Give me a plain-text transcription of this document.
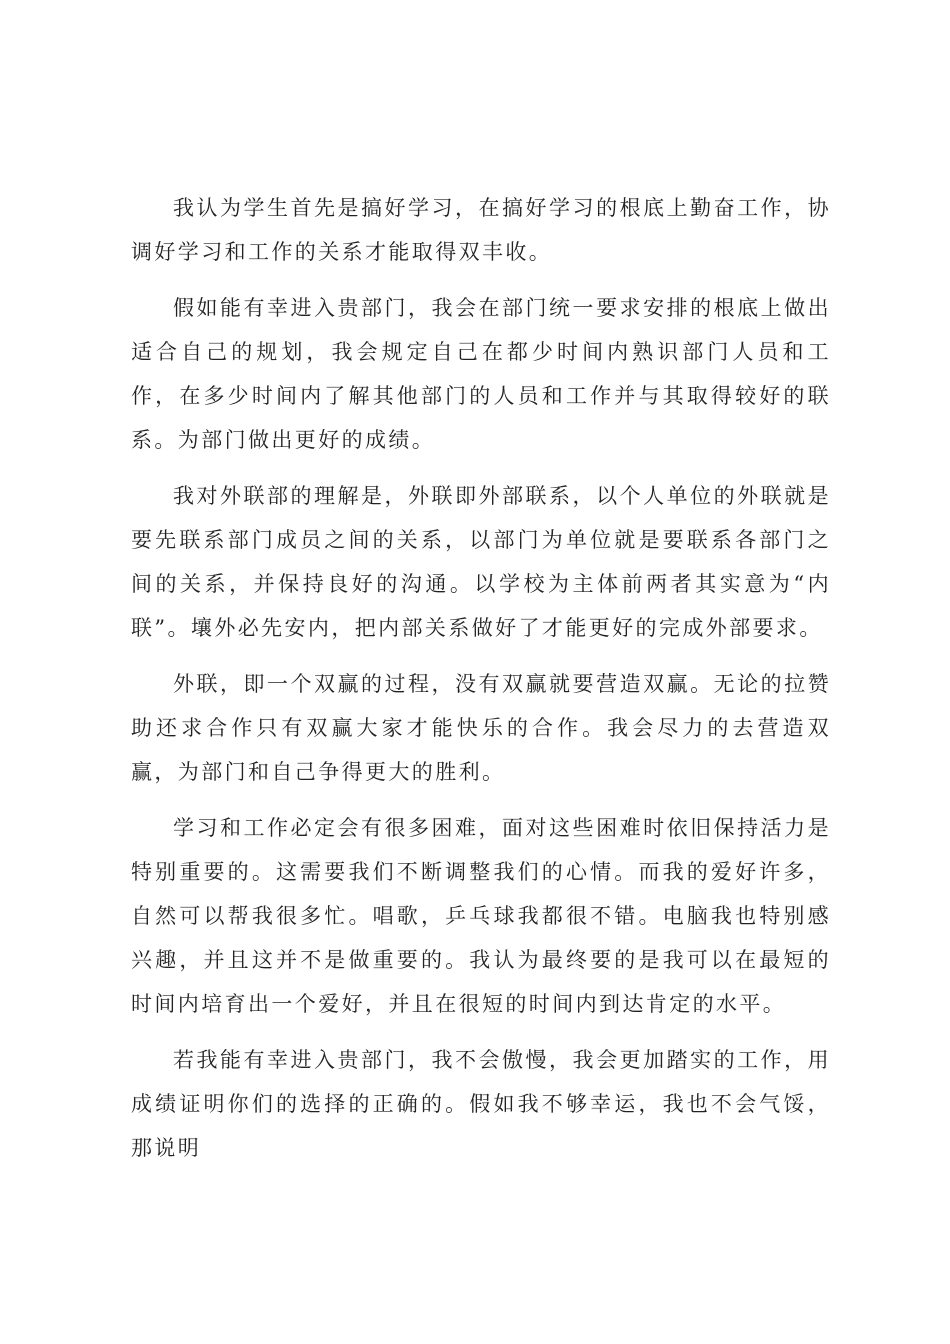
我认为学生首先是搞好学习，在搞好学习的根底上勤奋工作，协调好学习和工作的关系才能取得双丰收。

假如能有幸进入贵部门，我会在部门统一要求安排的根底上做出适合自己的规划，我会规定自己在都少时间内熟识部门人员和工作，在多少时间内了解其他部门的人员和工作并与其取得较好的联系。为部门做出更好的成绩。

我对外联部的理解是，外联即外部联系，以个人单位的外联就是要先联系部门成员之间的关系，以部门为单位就是要联系各部门之间的关系，并保持良好的沟通。以学校为主体前两者其实意为“内联”。壤外必先安内，把内部关系做好了才能更好的完成外部要求。

外联，即一个双赢的过程，没有双赢就要营造双赢。无论的拉赞助还求合作只有双赢大家才能快乐的合作。我会尽力的去营造双赢，为部门和自己争得更大的胜利。

学习和工作必定会有很多困难，面对这些困难时依旧保持活力是特别重要的。这需要我们不断调整我们的心情。而我的爱好许多，自然可以帮我很多忙。唱歌，乒乓球我都很不错。电脑我也特别感兴趣，并且这并不是做重要的。我认为最终要的是我可以在最短的时间内培育出一个爱好，并且在很短的时间内到达肯定的水平。

若我能有幸进入贵部门，我不会傲慢，我会更加踏实的工作，用成绩证明你们的选择的正确的。假如我不够幸运，我也不会气馁，那说明
